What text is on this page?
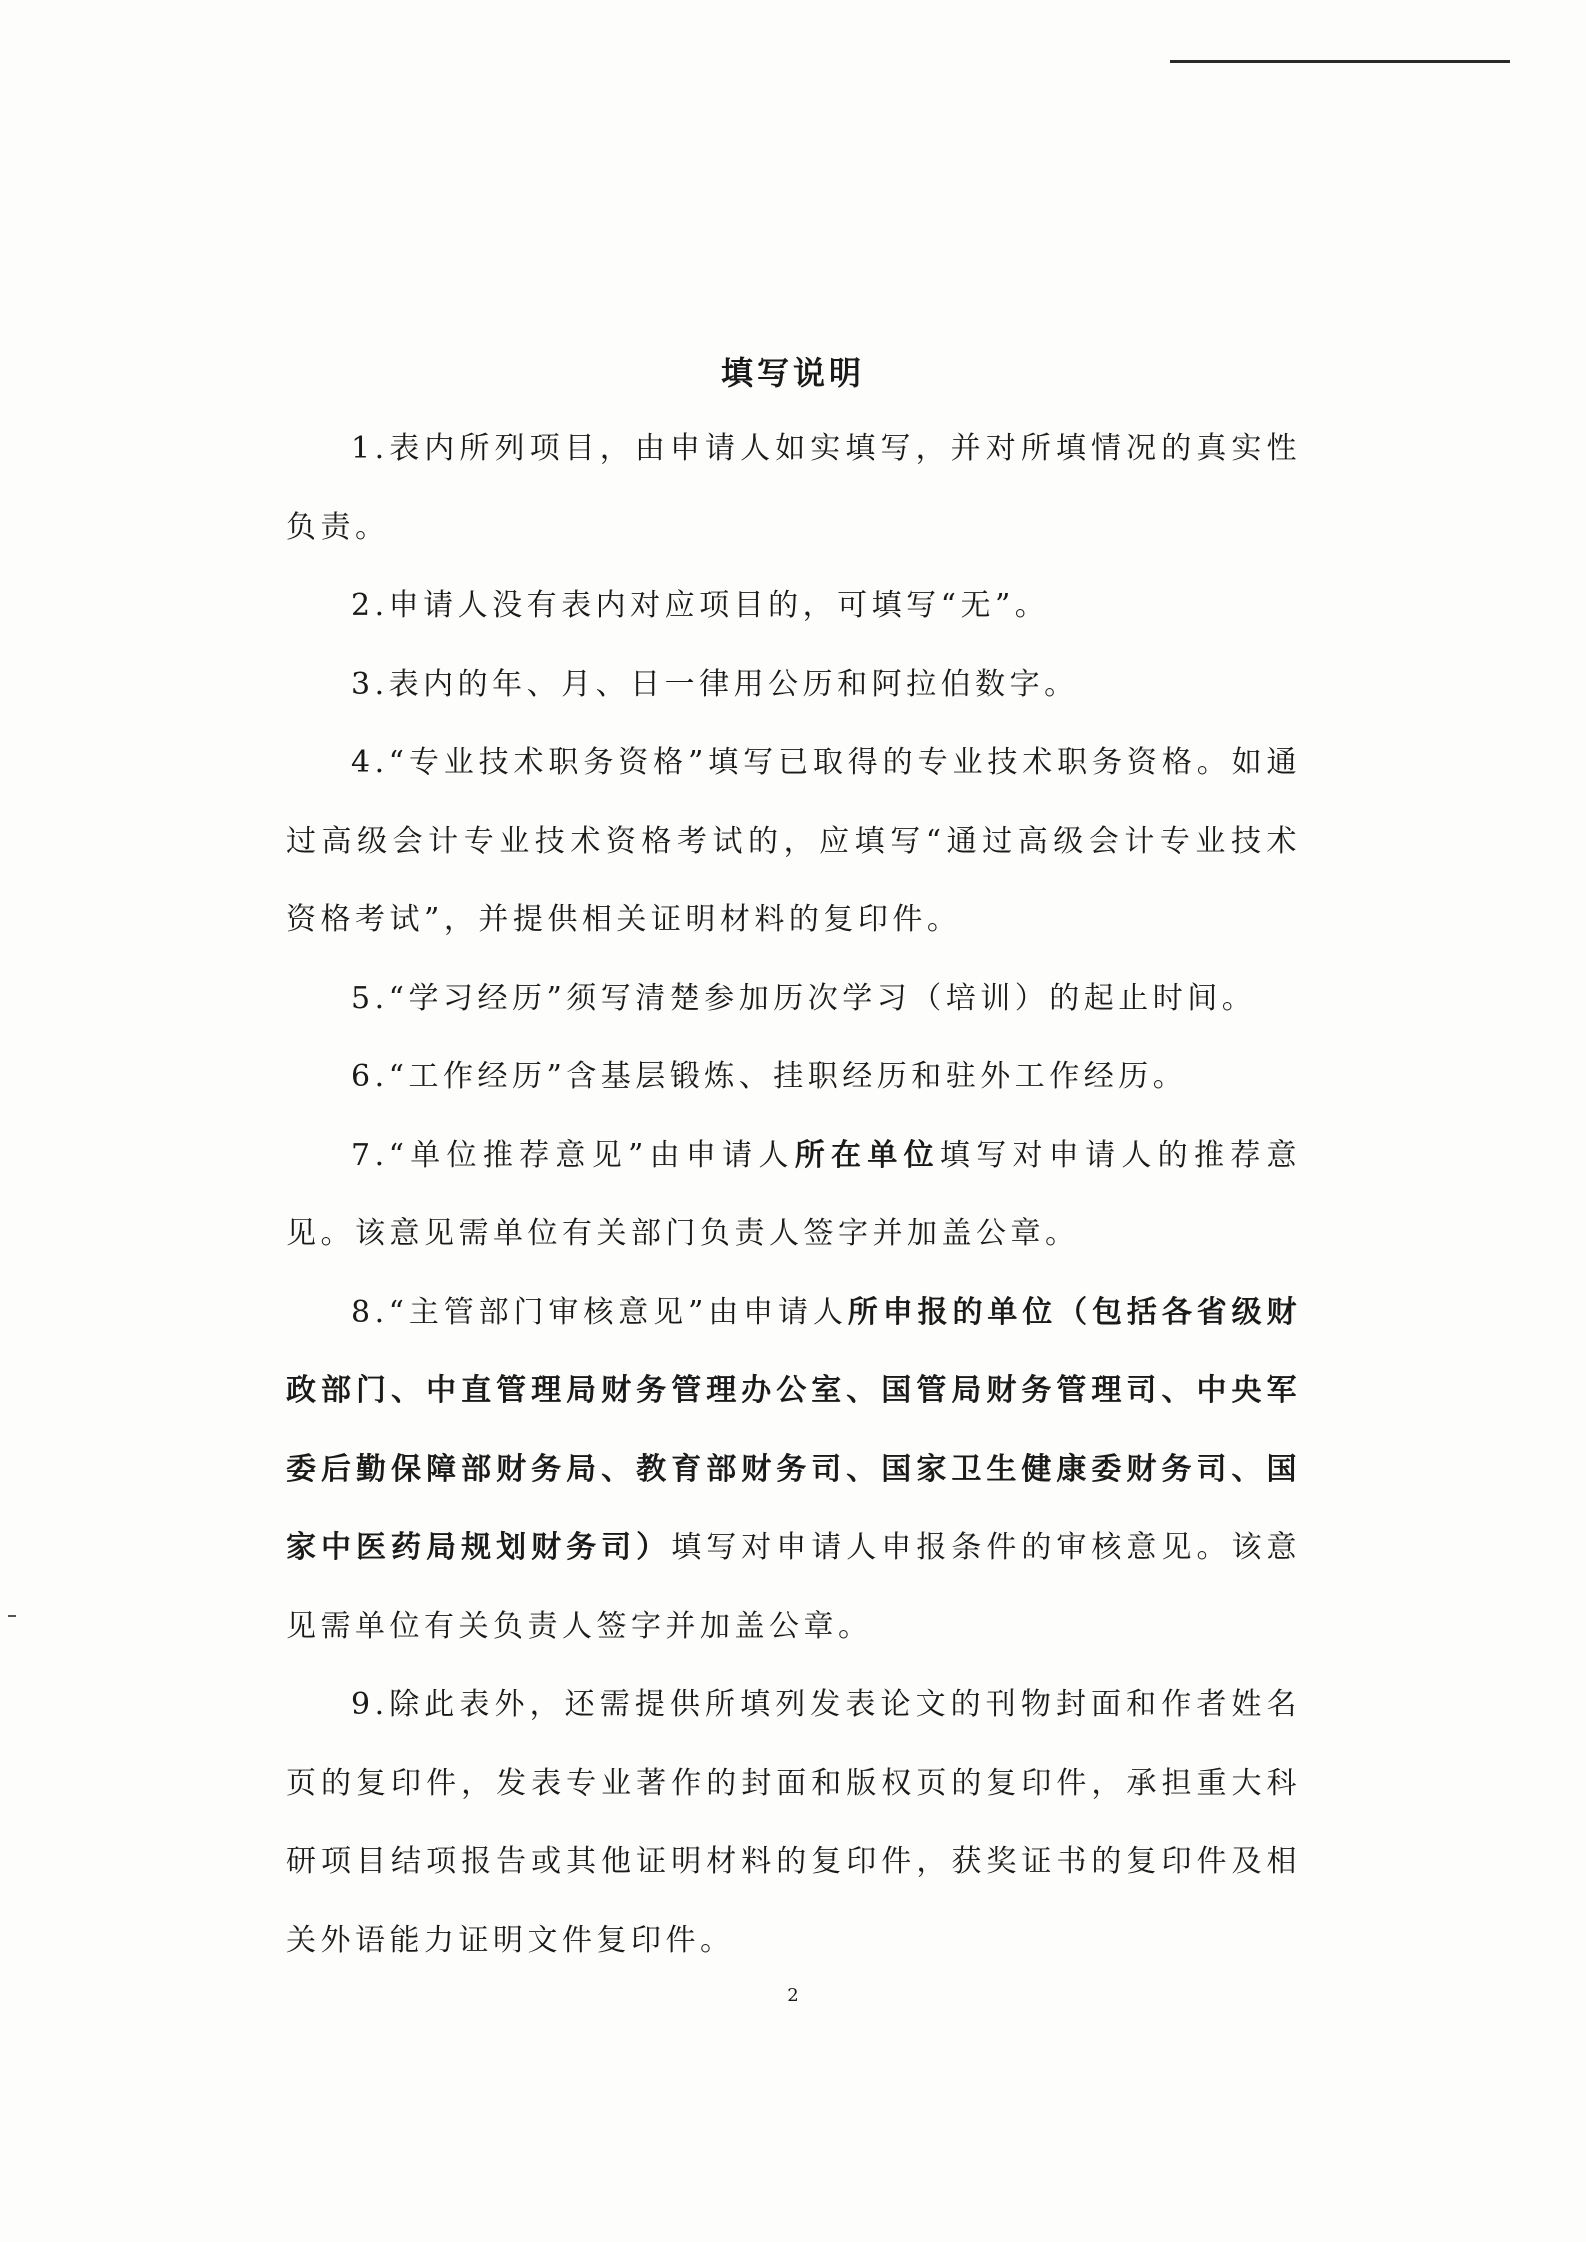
填写说明

1.表内所列项目，由申请人如实填写，并对所填情况的真实性负责。

2.申请人没有表内对应项目的，可填写“无”。

3.表内的年、月、日一律用公历和阿拉伯数字。

4.“专业技术职务资格”填写已取得的专业技术职务资格。如通过高级会计专业技术资格考试的，应填写“通过高级会计专业技术资格考试”，并提供相关证明材料的复印件。

5.“学习经历”须写清楚参加历次学习（培训）的起止时间。

6.“工作经历”含基层锻炼、挂职经历和驻外工作经历。

7.“单位推荐意见”由申请人所在单位填写对申请人的推荐意见。该意见需单位有关部门负责人签字并加盖公章。

8.“主管部门审核意见”由申请人所申报的单位（包括各省级财政部门、中直管理局财务管理办公室、国管局财务管理司、中央军委后勤保障部财务局、教育部财务司、国家卫生健康委财务司、国家中医药局规划财务司）填写对申请人申报条件的审核意见。该意见需单位有关负责人签字并加盖公章。

9.除此表外，还需提供所填列发表论文的刊物封面和作者姓名页的复印件，发表专业著作的封面和版权页的复印件，承担重大科研项目结项报告或其他证明材料的复印件，获奖证书的复印件及相关外语能力证明文件复印件。

2
